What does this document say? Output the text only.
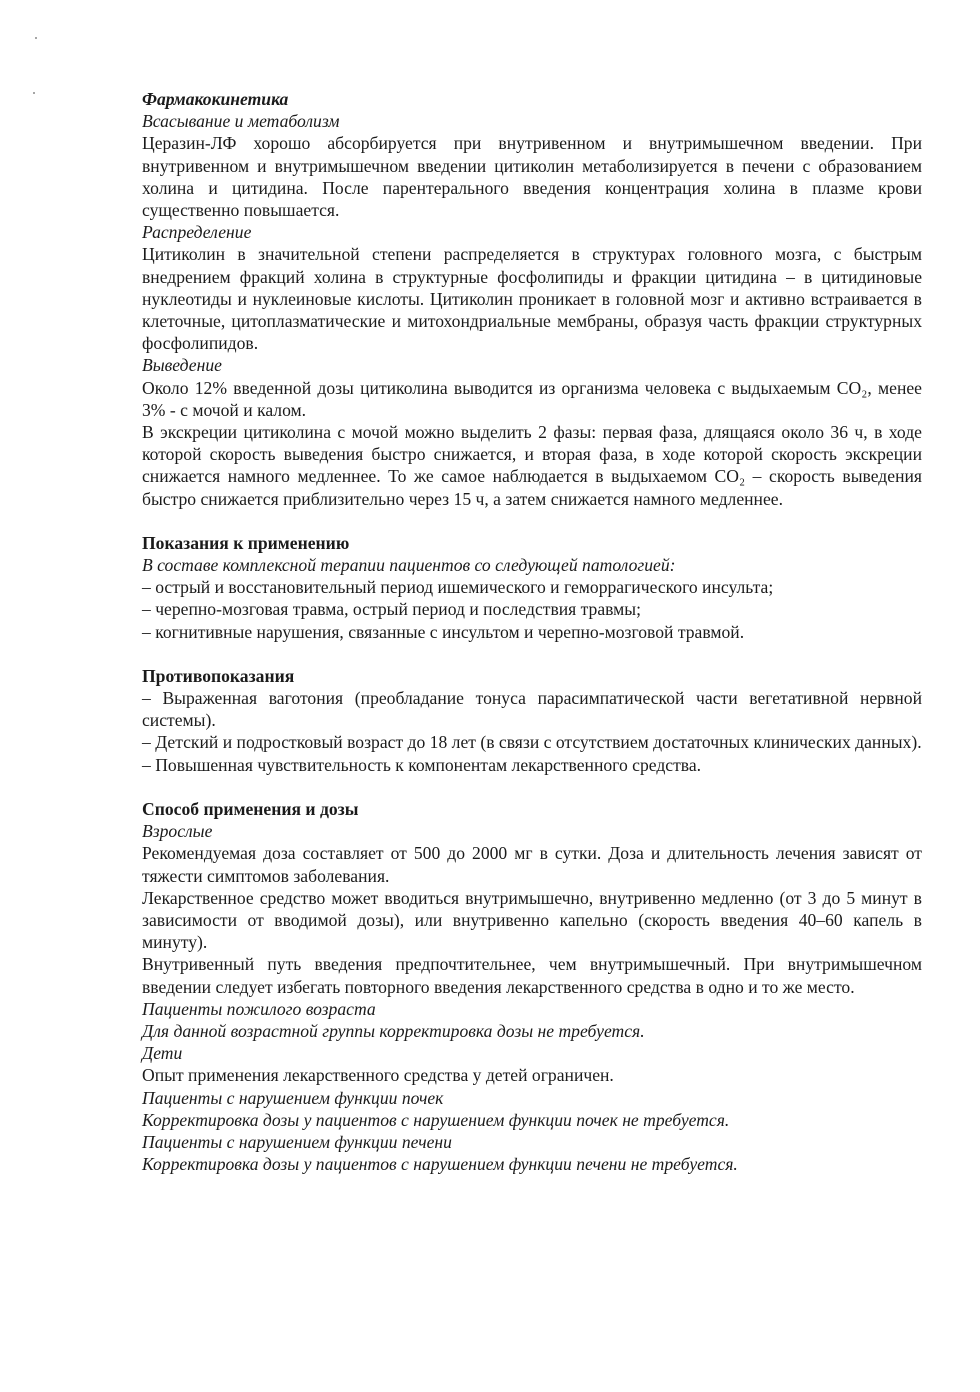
Фармакокинетика

Всасывание и метаболизм

Церазин-ЛФ хорошо абсорбируется при внутривенном и внутримышечном введении. При внутривенном и внутримышечном введении цитиколин метаболизируется в печени с образованием холина и цитидина. После парентерального введения концентрация холина в плазме крови существенно повышается.

Распределение

Цитиколин в значительной степени распределяется в структурах головного мозга, с быстрым внедрением фракций холина в структурные фосфолипиды и фракции цитидина – в цитидиновые нуклеотиды и нуклеиновые кислоты. Цитиколин проникает в головной мозг и активно встраивается в клеточные, цитоплазматические и митохондриальные мембраны, образуя часть фракции структурных фосфолипидов.

Выведение

Около 12% введенной дозы цитиколина выводится из организма человека с выдыхаемым CO₂, менее 3% - с мочой и калом.

В экскреции цитиколина с мочой можно выделить 2 фазы: первая фаза, длящаяся около 36 ч, в ходе которой скорость выведения быстро снижается, и вторая фаза, в ходе которой скорость экскреции снижается намного медленнее. То же самое наблюдается в выдыхаемом CO₂ – скорость выведения быстро снижается приблизительно через 15 ч, а затем снижается намного медленнее.

Показания к применению

В составе комплексной терапии пациентов со следующей патологией:

– острый и восстановительный период ишемического и геморрагического инсульта;

– черепно-мозговая травма, острый период и последствия травмы;

– когнитивные нарушения, связанные с инсультом и черепно-мозговой травмой.

Противопоказания

– Выраженная ваготония (преобладание тонуса парасимпатической части вегетативной нервной системы).

– Детский и подростковый возраст до 18 лет (в связи с отсутствием достаточных клинических данных).

– Повышенная чувствительность к компонентам лекарственного средства.

Способ применения и дозы

Взрослые

Рекомендуемая доза составляет от 500 до 2000 мг в сутки. Доза и длительность лечения зависят от тяжести симптомов заболевания.

Лекарственное средство может вводиться внутримышечно, внутривенно медленно (от 3 до 5 минут в зависимости от вводимой дозы), или внутривенно капельно (скорость введения 40–60 капель в минуту).

Внутривенный путь введения предпочтительнее, чем внутримышечный. При внутримышечном введении следует избегать повторного введения лекарственного средства в одно и то же место.

Пациенты пожилого возраста

Для данной возрастной группы корректировка дозы не требуется.

Дети

Опыт применения лекарственного средства у детей ограничен.

Пациенты с нарушением функции почек

Корректировка дозы у пациентов с нарушением функции почек не требуется.

Пациенты с нарушением функции печени

Корректировка дозы у пациентов с нарушением функции печени не требуется.
